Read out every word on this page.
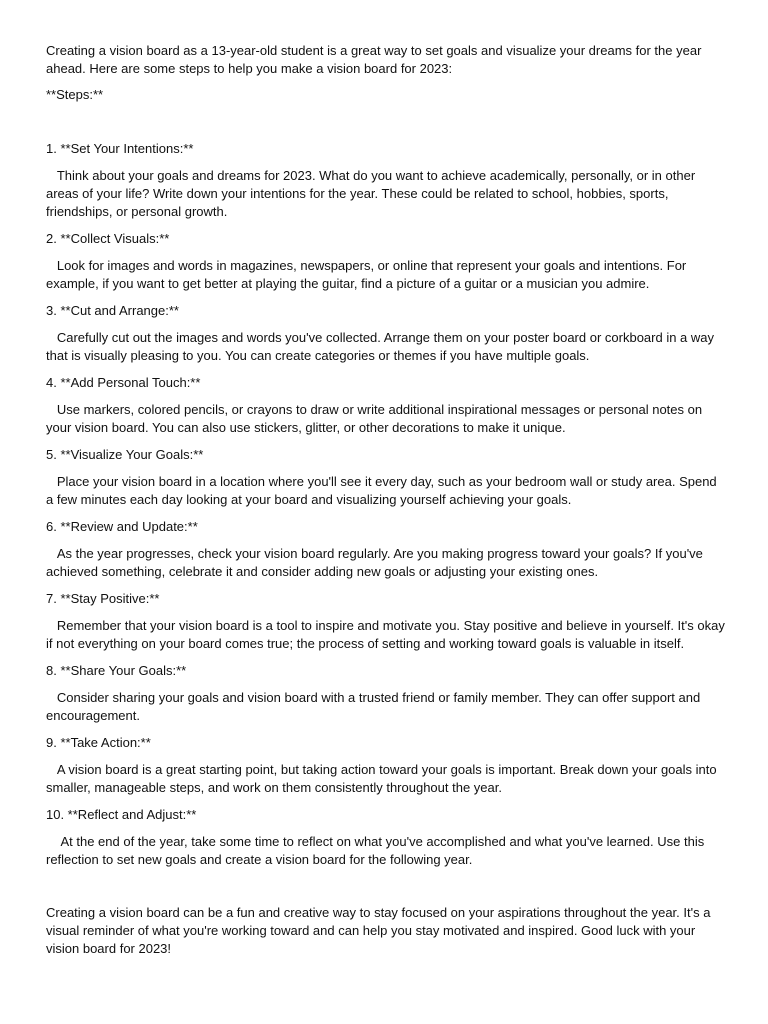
Creating a vision board as a 13-year-old student is a great way to set goals and visualize your dreams for the year ahead. Here are some steps to help you make a vision board for 2023:

**Steps:**

1. **Set Your Intentions:**

Think about your goals and dreams for 2023. What do you want to achieve academically, personally, or in other areas of your life? Write down your intentions for the year. These could be related to school, hobbies, sports, friendships, or personal growth.

2. **Collect Visuals:**

Look for images and words in magazines, newspapers, or online that represent your goals and intentions. For example, if you want to get better at playing the guitar, find a picture of a guitar or a musician you admire.

3. **Cut and Arrange:**

Carefully cut out the images and words you've collected. Arrange them on your poster board or corkboard in a way that is visually pleasing to you. You can create categories or themes if you have multiple goals.

4. **Add Personal Touch:**

Use markers, colored pencils, or crayons to draw or write additional inspirational messages or personal notes on your vision board. You can also use stickers, glitter, or other decorations to make it unique.

5. **Visualize Your Goals:**

Place your vision board in a location where you'll see it every day, such as your bedroom wall or study area. Spend a few minutes each day looking at your board and visualizing yourself achieving your goals.

6. **Review and Update:**

As the year progresses, check your vision board regularly. Are you making progress toward your goals? If you've achieved something, celebrate it and consider adding new goals or adjusting your existing ones.

7. **Stay Positive:**

Remember that your vision board is a tool to inspire and motivate you. Stay positive and believe in yourself. It's okay if not everything on your board comes true; the process of setting and working toward goals is valuable in itself.

8. **Share Your Goals:**

Consider sharing your goals and vision board with a trusted friend or family member. They can offer support and encouragement.

9. **Take Action:**

A vision board is a great starting point, but taking action toward your goals is important. Break down your goals into smaller, manageable steps, and work on them consistently throughout the year.

10. **Reflect and Adjust:**

At the end of the year, take some time to reflect on what you've accomplished and what you've learned. Use this reflection to set new goals and create a vision board for the following year.

Creating a vision board can be a fun and creative way to stay focused on your aspirations throughout the year. It's a visual reminder of what you're working toward and can help you stay motivated and inspired. Good luck with your vision board for 2023!
